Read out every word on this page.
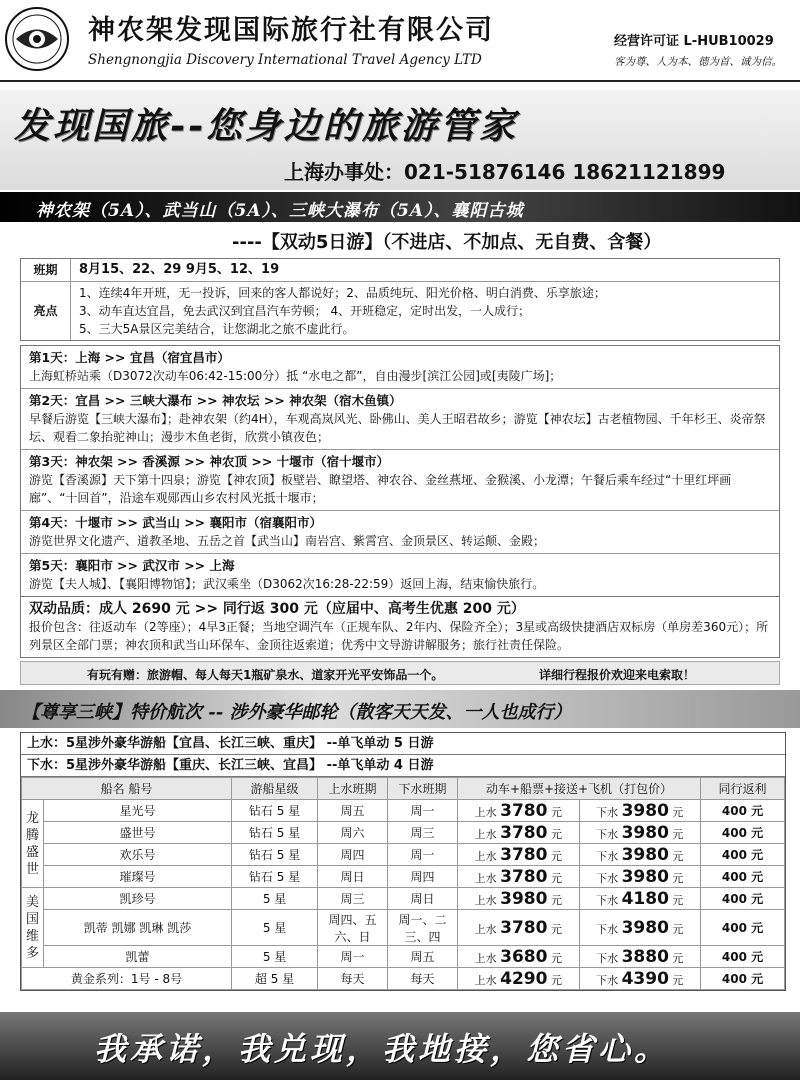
神农架发现国际旅行社有限公司
Shengnongjia Discovery International Travel Agency LTD
经营许可证 L-HUB10029
客为尊、人为本、德为首、诚为信。
发现国旅--您身边的旅游管家
上海办事处：021-51876146 18621121899
神农架（5A）、武当山（5A）、三峡大瀑布（5A）、襄阳古城
----【双动5日游】（不进店、不加点、无自费、含餐）
班期	8月15、22、29 9月5、12、19
亮点
1、连续4年开班，无一投诉，回来的客人都说好；2、品质纯玩、阳光价格、明白消费、乐享旅途；
3、动车直达宜昌，免去武汉到宜昌汽车劳顿； 4、开班稳定，定时出发，一人成行；
5、三大5A景区完美结合，让您湖北之旅不虚此行。
第1天：上海 >> 宜昌（宿宜昌市）
上海虹桥站乘（D3072次动车06:42-15:00分）抵 “水电之都”，自由漫步[滨江公园]或[夷陵广场]；
第2天：宜昌 >> 三峡大瀑布 >> 神农坛 >> 神农架（宿木鱼镇）
早餐后游览【三峡大瀑布】；赴神农架（约4H），车观高岚风光、卧佛山、美人王昭君故乡；游览【神农坛】古老植物园、千年杉王、炎帝祭坛、观看二象抬驼神山；漫步木鱼老街，欣赏小镇夜色；
第3天：神农架 >> 香溪源 >> 神农顶 >> 十堰市（宿十堰市）
游览【香溪源】天下第十四泉；游览【神农顶】板壁岩、瞭望塔、神农谷、金丝燕垭、金猴溪、小龙潭；午餐后乘车经过“十里红坪画廊”、“十回首”，沿途车观郧西山乡农村风光抵十堰市；
第4天：十堰市 >> 武当山 >> 襄阳市（宿襄阳市）
游览世界文化遗产、道教圣地、五岳之首【武当山】南岩宫、紫霄宫、金顶景区、转运颠、金殿；
第5天：襄阳市 >> 武汉市 >> 上海
游览【夫人城】、【襄阳博物馆】；武汉乘坐（D3062次16:28-22:59）返回上海，结束愉快旅行。
双动品质：成人 2690 元 >> 同行返 300 元（应届中、高考生优惠 200 元）
报价包含：往返动车（2等座）；4早3正餐；当地空调汽车（正规车队、2年内、保险齐全）；3星或高级快捷酒店双标房（单房差360元）；所列景区全部门票；神农顶和武当山环保车、金顶往返索道；优秀中文导游讲解服务；旅行社责任保险。
有玩有赠：旅游帽、每人每天1瓶矿泉水、道家开光平安饰品一个。	详细行程报价欢迎来电索取！
【尊享三峡】特价航次 -- 涉外豪华邮轮（散客天天发、一人也成行）
上水：5星涉外豪华游船【宜昌、长江三峡、重庆】 --单飞单动 5 日游
下水：5星涉外豪华游船【重庆、长江三峡、宜昌】 --单飞单动 4 日游
船名 船号		游船星级	上水班期	下水班期	动车+船票+接送+飞机（打包价）		同行返利
龙腾盛世	星光号	钻石 5 星	周五	周一	上水 3780 元	下水 3980 元	400 元
	盛世号	钻石 5 星	周六	周三	上水 3780 元	下水 3980 元	400 元
	欢乐号	钻石 5 星	周四	周一	上水 3780 元	下水 3980 元	400 元
	璀璨号	钻石 5 星	周日	周四	上水 3780 元	下水 3980 元	400 元
美国维多	凯珍号	5 星	周三	周日	上水 3980 元	下水 4180 元	400 元
	凯蒂 凯娜 凯琳 凯莎	5 星	周四、五 六、日	周一、二 三、四	上水 3780 元	下水 3980 元	400 元
	凯蕾	5 星	周一	周五	上水 3680 元	下水 3880 元	400 元
黄金系列：1号 - 8号		超 5 星	每天	每天	上水 4290 元	下水 4390 元	400 元
我承诺，我兑现，我地接，您省心。
